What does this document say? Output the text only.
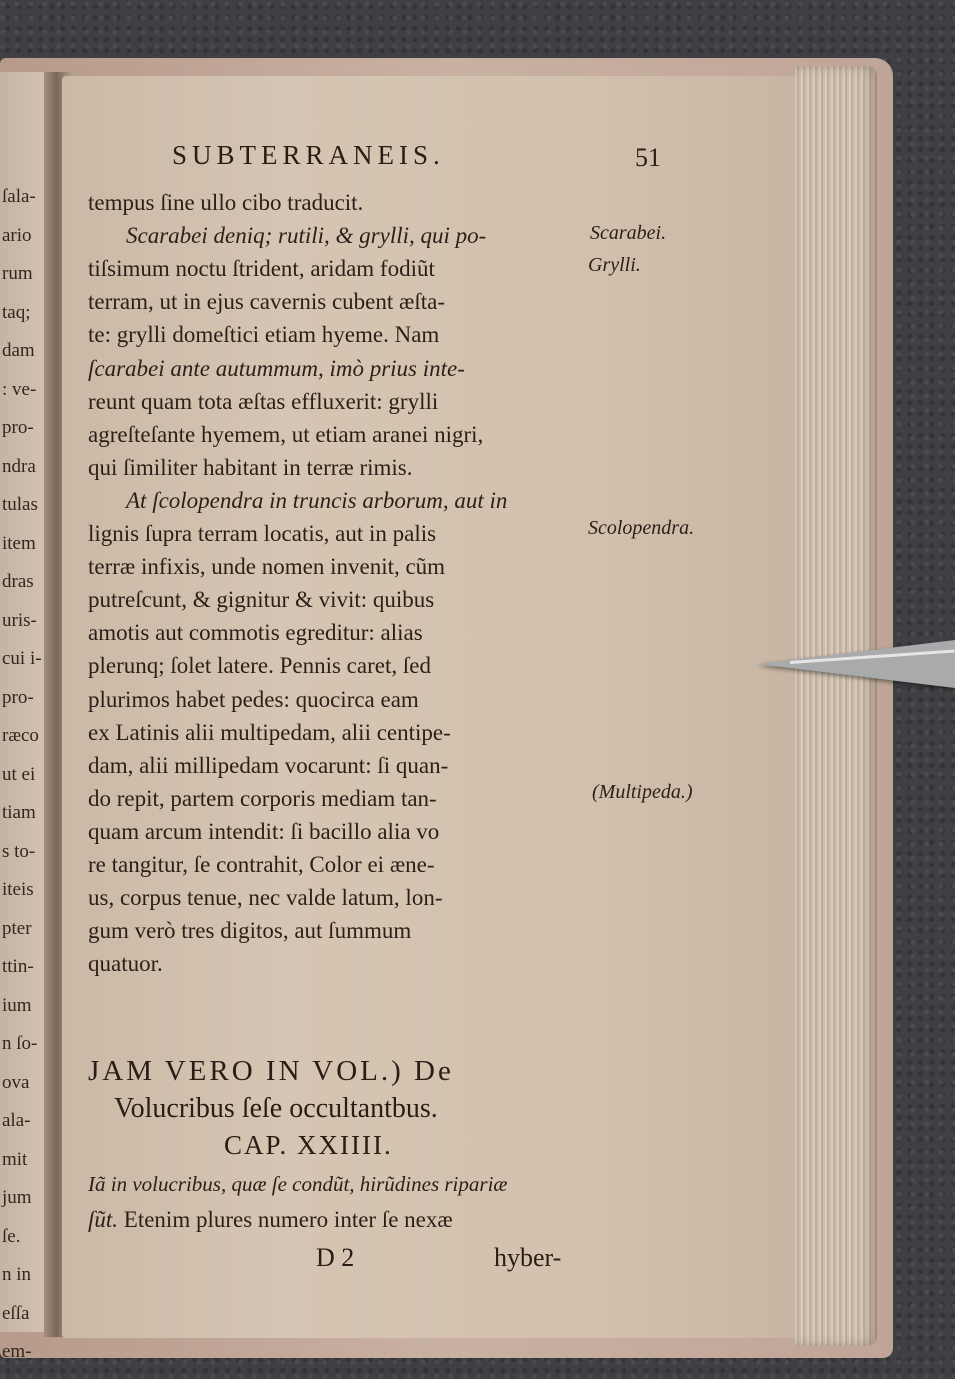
ſala-
ario
rum
taq;
dam
: ve-
pro-
ndra
tulas
item
dras
uris-
cui i-
pro-
ræco
ut ei
tiam
s to-
iteis
pter
ttin-
ium
n ſo-
ova
ala-
mit
jum
ſe.
n in
eſſa
em-
SUBTERRANEIS.	51
tempus ſine ullo cibo traducit.
Scarabei deniq; rutili, & grylli, qui po-
tiſsimum noctu ſtrident, aridam fodiũt
terram, ut in ejus cavernis cubent æſta-
te: grylli domeſtici etiam hyeme. Nam
ſcarabei ante autummum, imò prius inte-
reunt quam tota æſtas effluxerit: grylli
agreſteſante hyemem, ut etiam aranei nigri,
qui ſimiliter habitant in terræ rimis.
At ſcolopendra in truncis arborum, aut in
lignis ſupra terram locatis, aut in palis
terræ infixis, unde nomen invenit, cũm
putreſcunt, & gignitur & vivit: quibus
amotis aut commotis egreditur: alias
plerunq; ſolet latere. Pennis caret, ſed
plurimos habet pedes: quocirca eam
ex Latinis alii multipedam, alii centipe-
dam, alii millipedam vocarunt: ſi quan-
do repit, partem corporis mediam tan-
quam arcum intendit: ſi bacillo alia vo
re tangitur, ſe contrahit, Color ei æne-
us, corpus tenue, nec valde latum, lon-
gum verò tres digitos, aut ſummum
quatuor.
Scarabei.
Grylli.
Scolopendra.
(Multipeda.)
JAM VERO IN VOL.) De
Volucribus ſeſe occultantbus.
CAP. XXIIII.
Iã in volucribus, quæ ſe condũt, hirũdines ripariæ
ſũt. Etenim plures numero inter ſe nexæ
D 2	hyber-
